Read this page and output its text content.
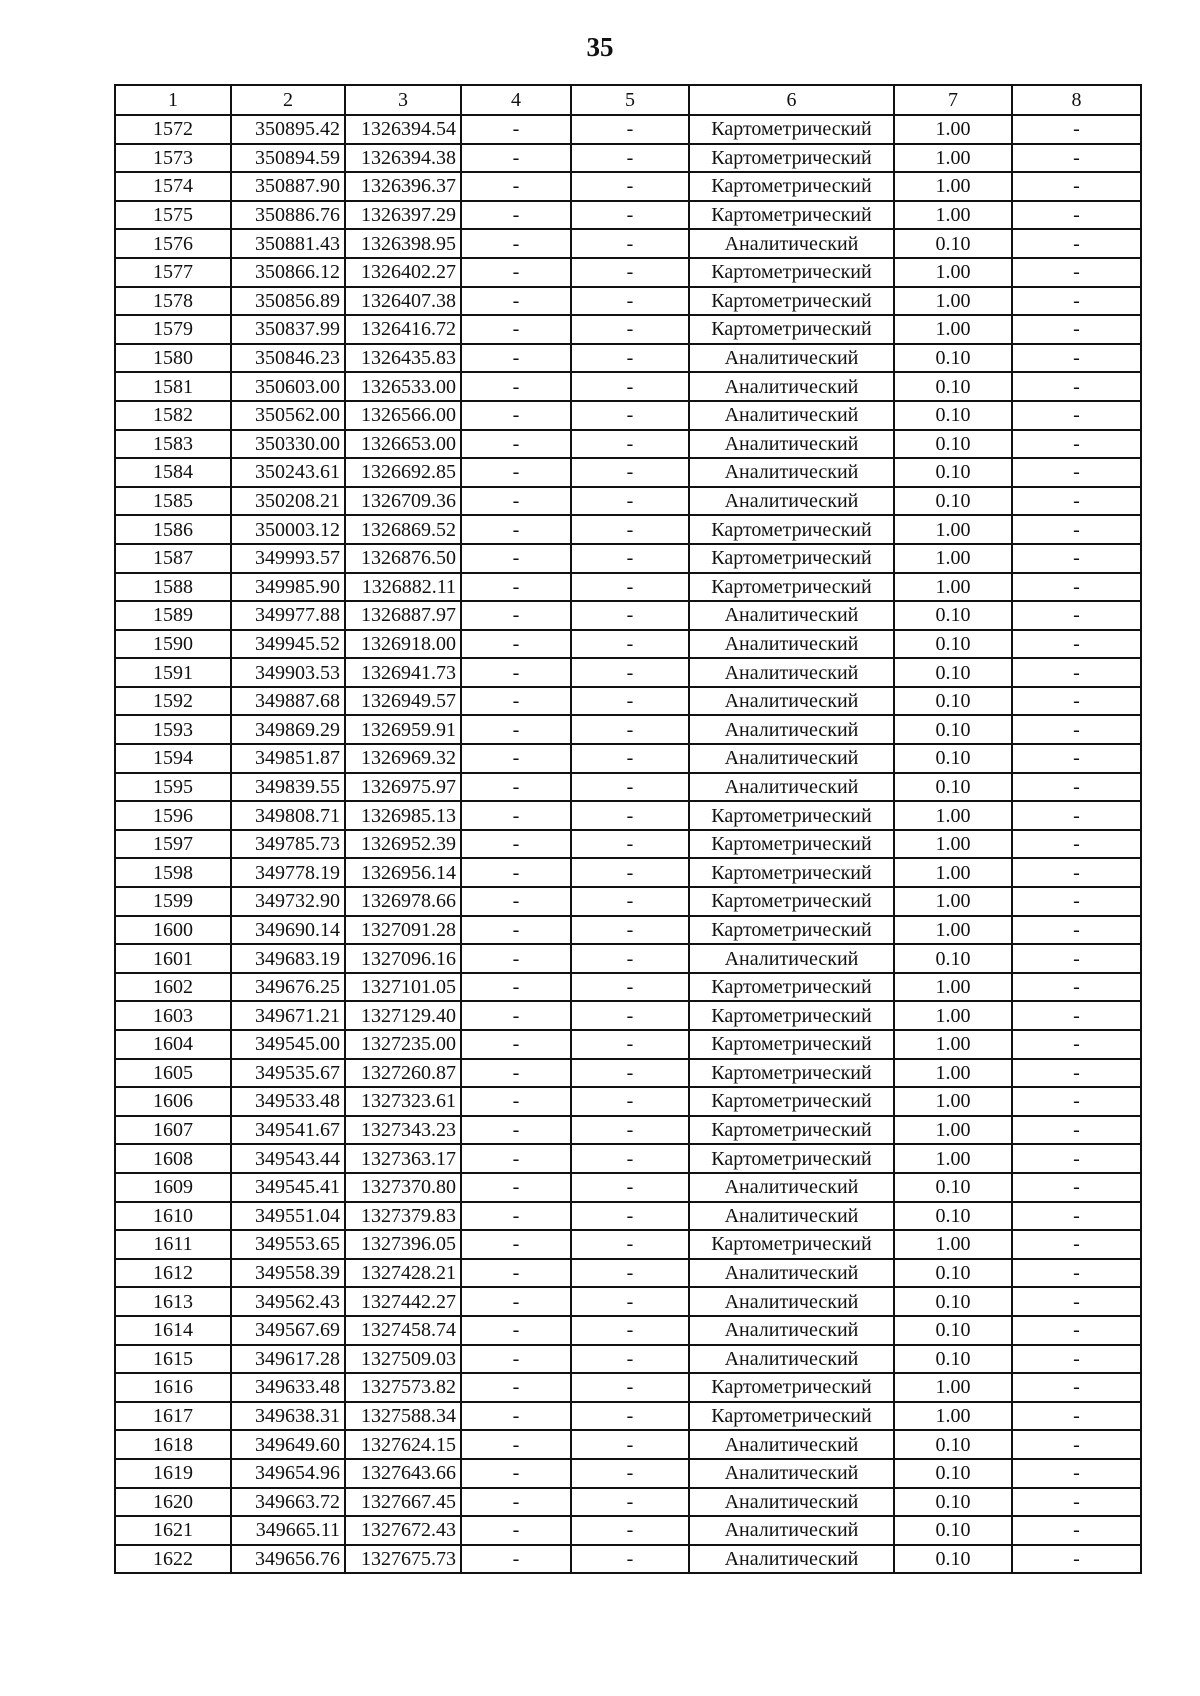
35
1	2	3	4	5	6	7	8
1572	350895.42	1326394.54	-	-	Картометрический	1.00	-
1573	350894.59	1326394.38	-	-	Картометрический	1.00	-
1574	350887.90	1326396.37	-	-	Картометрический	1.00	-
1575	350886.76	1326397.29	-	-	Картометрический	1.00	-
1576	350881.43	1326398.95	-	-	Аналитический	0.10	-
1577	350866.12	1326402.27	-	-	Картометрический	1.00	-
1578	350856.89	1326407.38	-	-	Картометрический	1.00	-
1579	350837.99	1326416.72	-	-	Картометрический	1.00	-
1580	350846.23	1326435.83	-	-	Аналитический	0.10	-
1581	350603.00	1326533.00	-	-	Аналитический	0.10	-
1582	350562.00	1326566.00	-	-	Аналитический	0.10	-
1583	350330.00	1326653.00	-	-	Аналитический	0.10	-
1584	350243.61	1326692.85	-	-	Аналитический	0.10	-
1585	350208.21	1326709.36	-	-	Аналитический	0.10	-
1586	350003.12	1326869.52	-	-	Картометрический	1.00	-
1587	349993.57	1326876.50	-	-	Картометрический	1.00	-
1588	349985.90	1326882.11	-	-	Картометрический	1.00	-
1589	349977.88	1326887.97	-	-	Аналитический	0.10	-
1590	349945.52	1326918.00	-	-	Аналитический	0.10	-
1591	349903.53	1326941.73	-	-	Аналитический	0.10	-
1592	349887.68	1326949.57	-	-	Аналитический	0.10	-
1593	349869.29	1326959.91	-	-	Аналитический	0.10	-
1594	349851.87	1326969.32	-	-	Аналитический	0.10	-
1595	349839.55	1326975.97	-	-	Аналитический	0.10	-
1596	349808.71	1326985.13	-	-	Картометрический	1.00	-
1597	349785.73	1326952.39	-	-	Картометрический	1.00	-
1598	349778.19	1326956.14	-	-	Картометрический	1.00	-
1599	349732.90	1326978.66	-	-	Картометрический	1.00	-
1600	349690.14	1327091.28	-	-	Картометрический	1.00	-
1601	349683.19	1327096.16	-	-	Аналитический	0.10	-
1602	349676.25	1327101.05	-	-	Картометрический	1.00	-
1603	349671.21	1327129.40	-	-	Картометрический	1.00	-
1604	349545.00	1327235.00	-	-	Картометрический	1.00	-
1605	349535.67	1327260.87	-	-	Картометрический	1.00	-
1606	349533.48	1327323.61	-	-	Картометрический	1.00	-
1607	349541.67	1327343.23	-	-	Картометрический	1.00	-
1608	349543.44	1327363.17	-	-	Картометрический	1.00	-
1609	349545.41	1327370.80	-	-	Аналитический	0.10	-
1610	349551.04	1327379.83	-	-	Аналитический	0.10	-
1611	349553.65	1327396.05	-	-	Картометрический	1.00	-
1612	349558.39	1327428.21	-	-	Аналитический	0.10	-
1613	349562.43	1327442.27	-	-	Аналитический	0.10	-
1614	349567.69	1327458.74	-	-	Аналитический	0.10	-
1615	349617.28	1327509.03	-	-	Аналитический	0.10	-
1616	349633.48	1327573.82	-	-	Картометрический	1.00	-
1617	349638.31	1327588.34	-	-	Картометрический	1.00	-
1618	349649.60	1327624.15	-	-	Аналитический	0.10	-
1619	349654.96	1327643.66	-	-	Аналитический	0.10	-
1620	349663.72	1327667.45	-	-	Аналитический	0.10	-
1621	349665.11	1327672.43	-	-	Аналитический	0.10	-
1622	349656.76	1327675.73	-	-	Аналитический	0.10	-
